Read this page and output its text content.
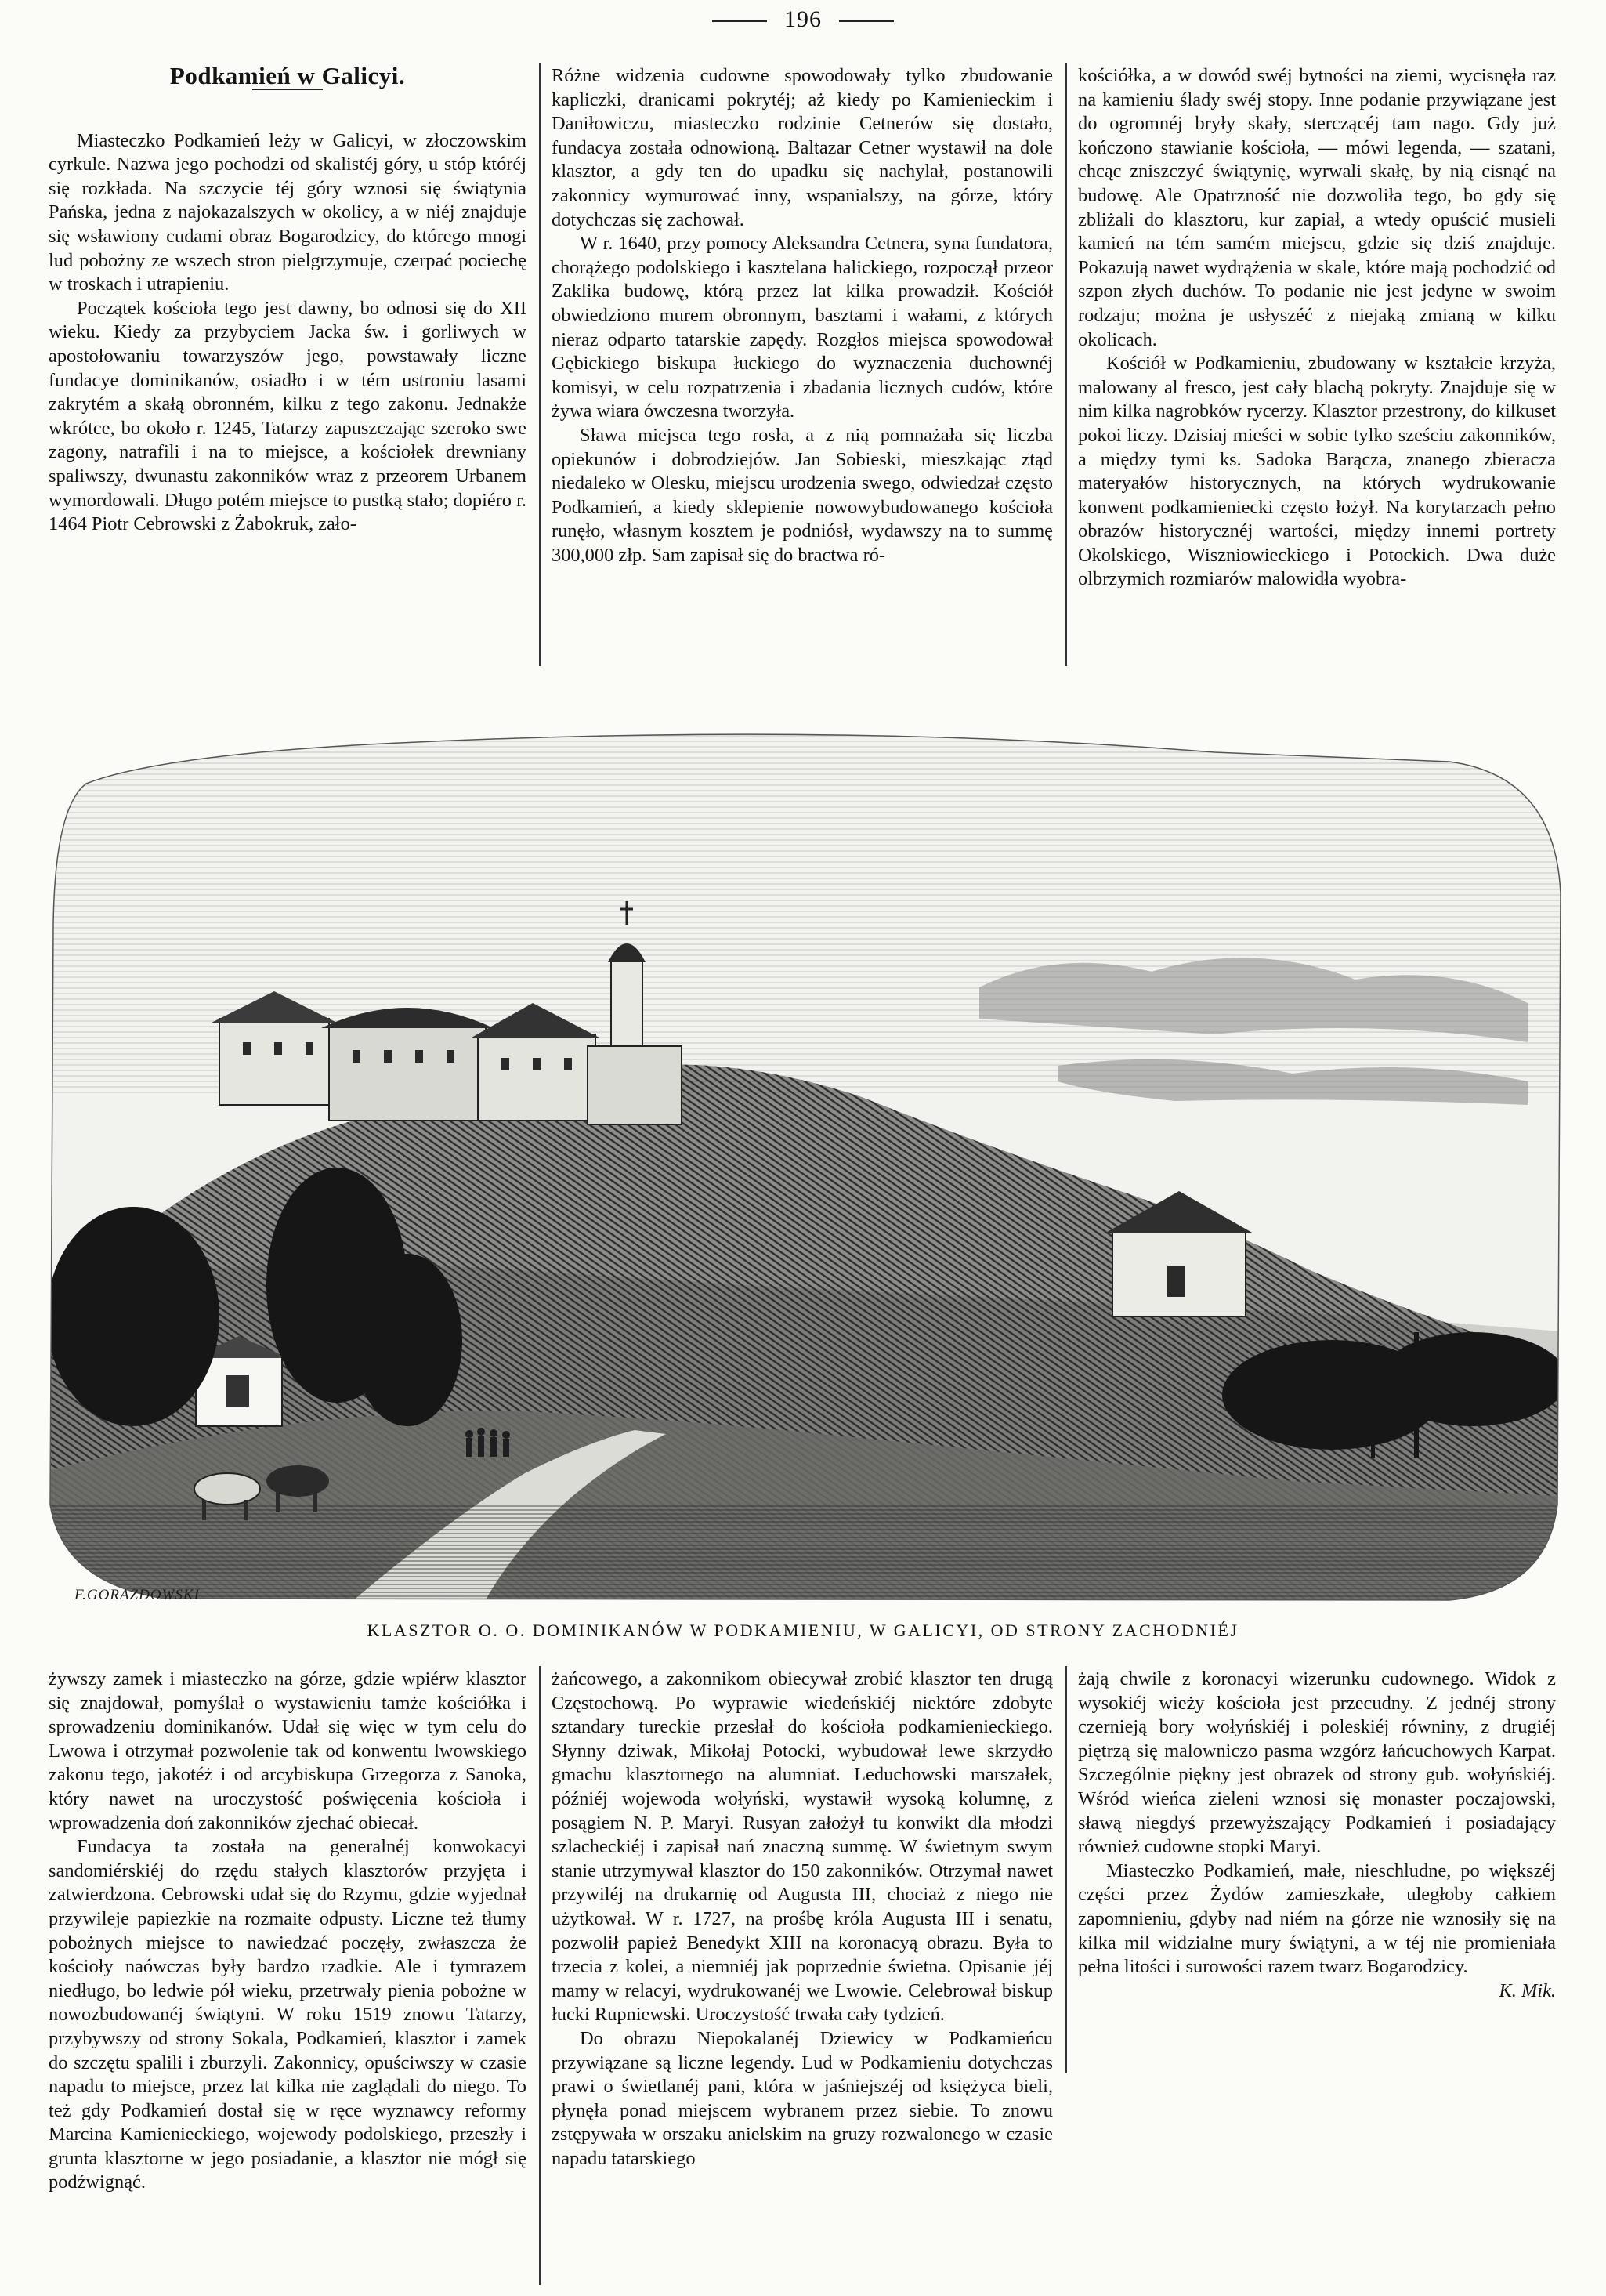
196

Podkamień w Galicyi.

Miasteczko Podkamień leży w Galicyi, w złoczowskim cyrkule. Nazwa jego pochodzi od skalistéj góry, u stóp któréj się rozkłada. Na szczycie téj góry wznosi się świątynia Pańska, jedna z najokazalszych w okolicy, a w niéj znajduje się wsławiony cudami obraz Bogarodzicy, do którego mnogi lud pobożny ze wszech stron pielgrzymuje, czerpać pociechę w troskach i utrapieniu.

Początek kościoła tego jest dawny, bo odnosi się do XII wieku. Kiedy za przybyciem Jacka św. i gorliwych w apostołowaniu towarzyszów jego, powstawały liczne fundacye dominikanów, osiadło i w tém ustroniu lasami zakrytém a skałą obronném, kilku z tego zakonu. Jednakże wkrótce, bo około r. 1245, Tatarzy zapuszczając szeroko swe zagony, natrafili i na to miejsce, a kościołek drewniany spaliwszy, dwunastu zakonników wraz z przeorem Urbanem wymordowali. Długo potém miejsce to pustką stało; dopiéro r. 1464 Piotr Cebrowski z Żabokruk, zało-

Różne widzenia cudowne spowodowały tylko zbudowanie kapliczki, dranicami pokrytéj; aż kiedy po Kamienieckim i Daniłowiczu, miasteczko rodzinie Cetnerów się dostało, fundacya została odnowioną. Baltazar Cetner wystawił na dole klasztor, a gdy ten do upadku się nachylał, postanowili zakonnicy wymurować inny, wspanialszy, na górze, który dotychczas się zachował.

W r. 1640, przy pomocy Aleksandra Cetnera, syna fundatora, chorążego podolskiego i kasztelana halickiego, rozpoczął przeor Zaklika budowę, którą przez lat kilka prowadził. Kościół obwiedziono murem obronnym, basztami i wałami, z których nieraz odparto tatarskie zapędy. Rozgłos miejsca spowodował Gębickiego biskupa łuckiego do wyznaczenia duchownéj komisyi, w celu rozpatrzenia i zbadania licznych cudów, które żywa wiara ówczesna tworzyła.

Sława miejsca tego rosła, a z nią pomnażała się liczba opiekunów i dobrodziejów. Jan Sobieski, mieszkając ztąd niedaleko w Olesku, miejscu urodzenia swego, odwiedzał często Podkamień, a kiedy sklepienie nowowybudowanego kościoła runęło, własnym kosztem je podniósł, wydawszy na to summę 300,000 złp. Sam zapisał się do bractwa ró-

kościółka, a w dowód swéj bytności na ziemi, wycisnęła raz na kamieniu ślady swéj stopy. Inne podanie przywiązane jest do ogromnéj bryły skały, sterczącéj tam nago. Gdy już kończono stawianie kościoła, — mówi legenda, — szatani, chcąc zniszczyć świątynię, wyrwali skałę, by nią cisnąć na budowę. Ale Opatrzność nie dozwoliła tego, bo gdy się zbliżali do klasztoru, kur zapiał, a wtedy opuścić musieli kamień na tém samém miejscu, gdzie się dziś znajduje. Pokazują nawet wydrążenia w skale, które mają pochodzić od szpon złych duchów. To podanie nie jest jedyne w swoim rodzaju; można je usłyszéć z niejaką zmianą w kilku okolicach.

Kościół w Podkamieniu, zbudowany w kształcie krzyża, malowany al fresco, jest cały blachą pokryty. Znajduje się w nim kilka nagrobków rycerzy. Klasztor przestrony, do kilkuset pokoi liczy. Dzisiaj mieści w sobie tylko sześciu zakonników, a między tymi ks. Sadoka Barącza, znanego zbieracza materyałów historycznych, na których wydrukowanie konwent podkamieniecki często łożył. Na korytarzach pełno obrazów historycznéj wartości, między innemi portrety Okolskiego, Wiszniowieckiego i Potockich. Dwa duże olbrzymich rozmiarów malowidła wyobra-

F.GORAZDOWSKI
KLASZTOR O. O. DOMINIKANÓW W PODKAMIENIU, W GALICYI, OD STRONY ZACHODNIÉJ

żywszy zamek i miasteczko na górze, gdzie wpiérw klasztor się znajdował, pomyślał o wystawieniu tamże kościółka i sprowadzeniu dominikanów. Udał się więc w tym celu do Lwowa i otrzymał pozwolenie tak od konwentu lwowskiego zakonu tego, jakotéż i od arcybiskupa Grzegorza z Sanoka, który nawet na uroczystość poświęcenia kościoła i wprowadzenia doń zakonników zjechać obiecał.

Fundacya ta została na generalnéj konwokacyi sandomiérskiéj do rzędu stałych klasztorów przyjęta i zatwierdzona. Cebrowski udał się do Rzymu, gdzie wyjednał przywileje papiezkie na rozmaite odpusty. Liczne też tłumy pobożnych miejsce to nawiedzać poczęły, zwłaszcza że kościoły naówczas były bardzo rzadkie. Ale i tymrazem niedługo, bo ledwie pół wieku, przetrwały pienia pobożne w nowozbudowanéj świątyni. W roku 1519 znowu Tatarzy, przybywszy od strony Sokala, Podkamień, klasztor i zamek do szczętu spalili i zburzyli. Zakonnicy, opuściwszy w czasie napadu to miejsce, przez lat kilka nie zaglądali do niego. To też gdy Podkamień dostał się w ręce wyznawcy reformy Marcina Kamienieckiego, wojewody podolskiego, przeszły i grunta klasztorne w jego posiadanie, a klasztor nie mógł się podźwignąć.

żańcowego, a zakonnikom obiecywał zrobić klasztor ten drugą Częstochową. Po wyprawie wiedeńskiéj niektóre zdobyte sztandary tureckie przesłał do kościoła podkamienieckiego. Słynny dziwak, Mikołaj Potocki, wybudował lewe skrzydło gmachu klasztornego na alumniat. Leduchowski marszałek, późniéj wojewoda wołyński, wystawił wysoką kolumnę, z posągiem N. P. Maryi. Rusyan założył tu konwikt dla młodzi szlacheckiéj i zapisał nań znaczną summę. W świetnym swym stanie utrzymywał klasztor do 150 zakonników. Otrzymał nawet przywiléj na drukarnię od Augusta III, chociaż z niego nie użytkował. W r. 1727, na prośbę króla Augusta III i senatu, pozwolił papież Benedykt XIII na koronacyą obrazu. Była to trzecia z kolei, a niemniéj jak poprzednie świetna. Opisanie jéj mamy w relacyi, wydrukowanéj we Lwowie. Celebrował biskup łucki Rupniewski. Uroczystość trwała cały tydzień.

Do obrazu Niepokalanéj Dziewicy w Podkamieńcu przywiązane są liczne legendy. Lud w Podkamieniu dotychczas prawi o świetlanéj pani, która w jaśniejszéj od księżyca bieli, płynęła ponad miejscem wybranem przez siebie. To znowu zstępywała w orszaku anielskim na gruzy rozwalonego w czasie napadu tatarskiego

żają chwile z koronacyi wizerunku cudownego. Widok z wysokiéj wieży kościoła jest przecudny. Z jednéj strony czernieją bory wołyńskiéj i poleskiéj równiny, z drugiéj piętrzą się malowniczo pasma wzgórz łańcuchowych Karpat. Szczególnie piękny jest obrazek od strony gub. wołyńskiéj. Wśród wieńca zieleni wznosi się monaster poczajowski, sławą niegdyś przewyższający Podkamień i posiadający również cudowne stopki Maryi.

Miasteczko Podkamień, małe, nieschludne, po większéj części przez Żydów zamieszkałe, uległoby całkiem zapomnieniu, gdyby nad niém na górze nie wznosiły się na kilka mil widzialne mury świątyni, a w téj nie promieniała pełna litości i surowości razem twarz Bogarodzicy.

K. Mik.
